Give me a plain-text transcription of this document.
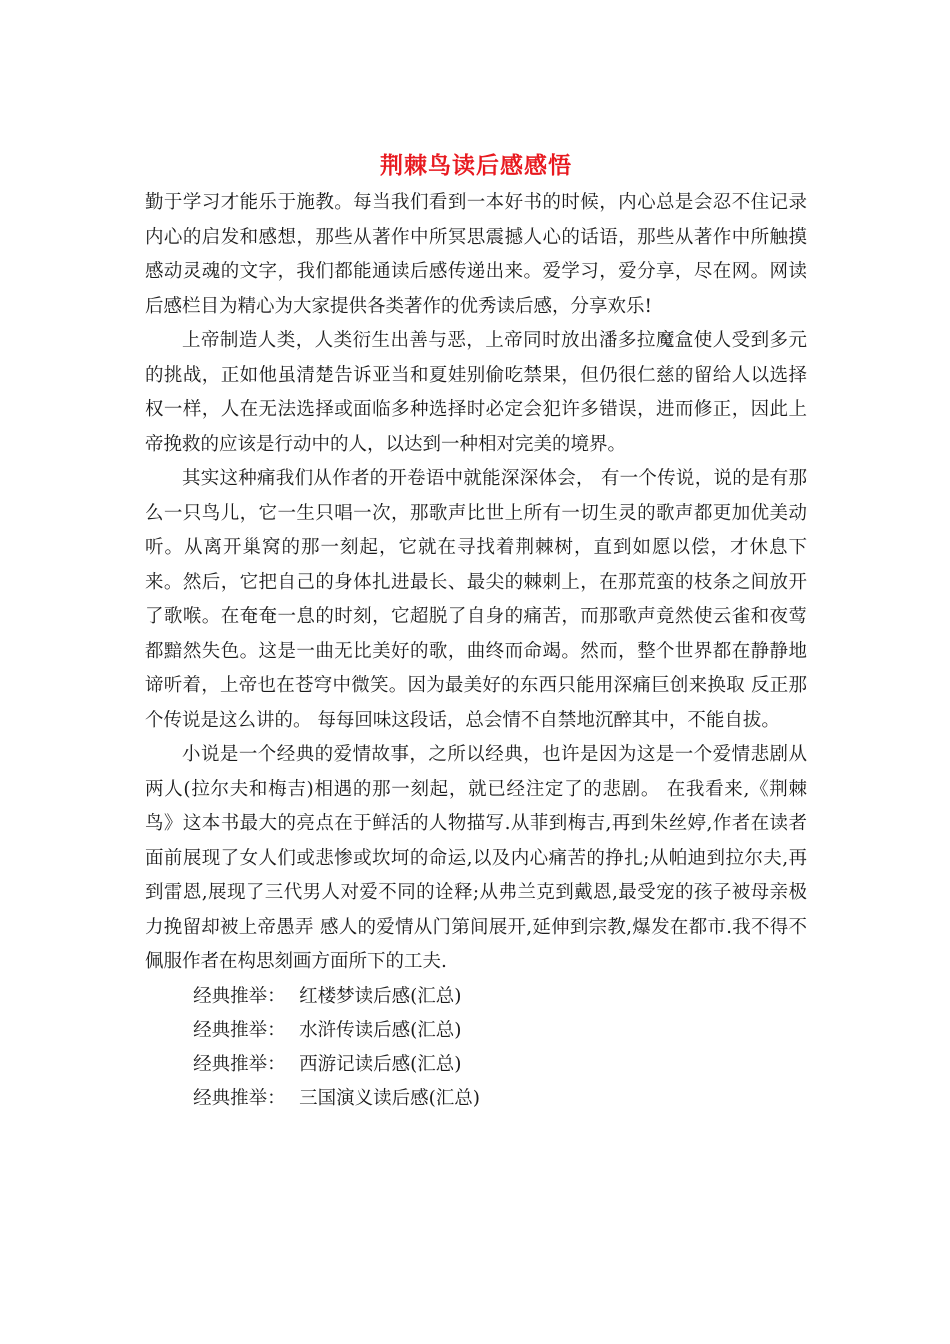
荆棘鸟读后感感悟

勤于学习才能乐于施教。每当我们看到一本好书的时候，内心总是会忍不住记录内心的启发和感想，那些从著作中所冥思震撼人心的话语，那些从著作中所触摸感动灵魂的文字，我们都能通读后感传递出来。爱学习，爱分享，尽在网。网读后感栏目为精心为大家提供各类著作的优秀读后感，分享欢乐!

上帝制造人类，人类衍生出善与恶，上帝同时放出潘多拉魔盒使人受到多元的挑战，正如他虽清楚告诉亚当和夏娃别偷吃禁果，但仍很仁慈的留给人以选择权一样，人在无法选择或面临多种选择时必定会犯许多错误，进而修正，因此上帝挽救的应该是行动中的人，以达到一种相对完美的境界。

其实这种痛我们从作者的开卷语中就能深深体会， 有一个传说，说的是有那么一只鸟儿，它一生只唱一次，那歌声比世上所有一切生灵的歌声都更加优美动听。从离开巢窝的那一刻起，它就在寻找着荆棘树，直到如愿以偿，才休息下来。然后，它把自己的身体扎进最长、最尖的棘刺上，在那荒蛮的枝条之间放开了歌喉。在奄奄一息的时刻，它超脱了自身的痛苦，而那歌声竟然使云雀和夜莺都黯然失色。这是一曲无比美好的歌，曲终而命竭。然而，整个世界都在静静地谛听着，上帝也在苍穹中微笑。因为最美好的东西只能用深痛巨创来换取 反正那个传说是这么讲的。 每每回味这段话，总会情不自禁地沉醉其中，不能自拔。

小说是一个经典的爱情故事，之所以经典，也许是因为这是一个爱情悲剧从两人(拉尔夫和梅吉)相遇的那一刻起，就已经注定了的悲剧。 在我看来,《荆棘鸟》这本书最大的亮点在于鲜活的人物描写.从菲到梅吉,再到朱丝婷,作者在读者面前展现了女人们或悲惨或坎坷的命运,以及内心痛苦的挣扎;从帕迪到拉尔夫,再到雷恩,展现了三代男人对爱不同的诠释;从弗兰克到戴恩,最受宠的孩子被母亲极力挽留却被上帝愚弄 感人的爱情从门第间展开,延伸到宗教,爆发在都市.我不得不佩服作者在构思刻画方面所下的工夫.

经典推举： 红楼梦读后感(汇总)
经典推举： 水浒传读后感(汇总)
经典推举： 西游记读后感(汇总)
经典推举： 三国演义读后感(汇总)
